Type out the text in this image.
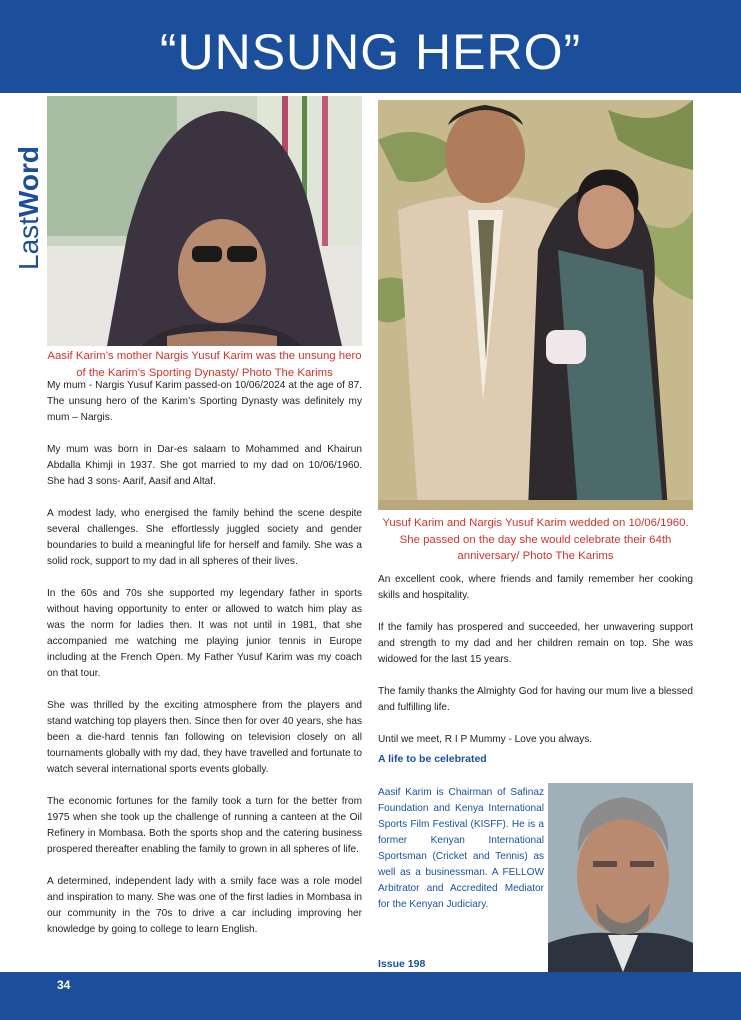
“UNSUNG HERO”
LastWord
Aasif Karim’s mother Nargis Yusuf Karim was the unsung hero of the Karim’s Sporting Dynasty/ Photo The Karims
Yusuf Karim and Nargis Yusuf Karim wedded on 10/06/1960. She passed on the day she would celebrate their 64th anniversary/ Photo The Karims

My mum - Nargis Yusuf Karim passed-on 10/06/2024 at the age of 87. The unsung hero of the Karim’s Sporting Dynasty was definitely my mum – Nargis.

My mum was born in Dar-es salaam to Mohammed and Khairun Abdalla Khimji in 1937. She got married to my dad on 10/06/1960. She had 3 sons- Aarif, Aasif and Altaf.

A modest lady, who energised the family behind the scene despite several challenges. She effortlessly juggled society and gender boundaries to build a meaningful life for herself and family. She was a solid rock, support to my dad in all spheres of their lives.

In the 60s and 70s she supported my legendary father in sports without having opportunity to enter or allowed to watch him play as was the norm for ladies then. It was not until in 1981, that she accompanied me watching me playing junior tennis in Europe including at the French Open. My Father Yusuf Karim was my coach on that tour.

She was thrilled by the exciting atmosphere from the players and stand watching top players then. Since then for over 40 years, she has been a die-hard tennis fan following on television closely on all tournaments globally with my dad, they have travelled and fortunate to watch several international sports events globally.

The economic fortunes for the family took a turn for the better from 1975 when she took up the challenge of running a canteen at the Oil Refinery in Mombasa. Both the sports shop and the catering business prospered thereafter enabling the family to grown in all spheres of life.

A determined, independent lady with a smily face was a role model and inspiration to many. She was one of the first ladies in Mombasa in our community in the 70s to drive a car including improving her knowledge by going to college to learn English.

An excellent cook, where friends and family remember her cooking skills and hospitality.

If the family has prospered and succeeded, her unwavering support and strength to my dad and her children remain on top. She was widowed for the last 15 years.

The family thanks the Almighty God for having our mum live a blessed and fulfilling life.

Until we meet, R I P Mummy - Love you always.

A life to be celebrated
Aasif Karim is Chairman of Safinaz Foundation and Kenya International Sports Film Festival (KISFF). He is a former Kenyan International Sportsman (Cricket and Tennis) as well as a businessman. A FELLOW Arbitrator and Accredited Mediator for the Kenyan Judiciary.
Issue 198
34
